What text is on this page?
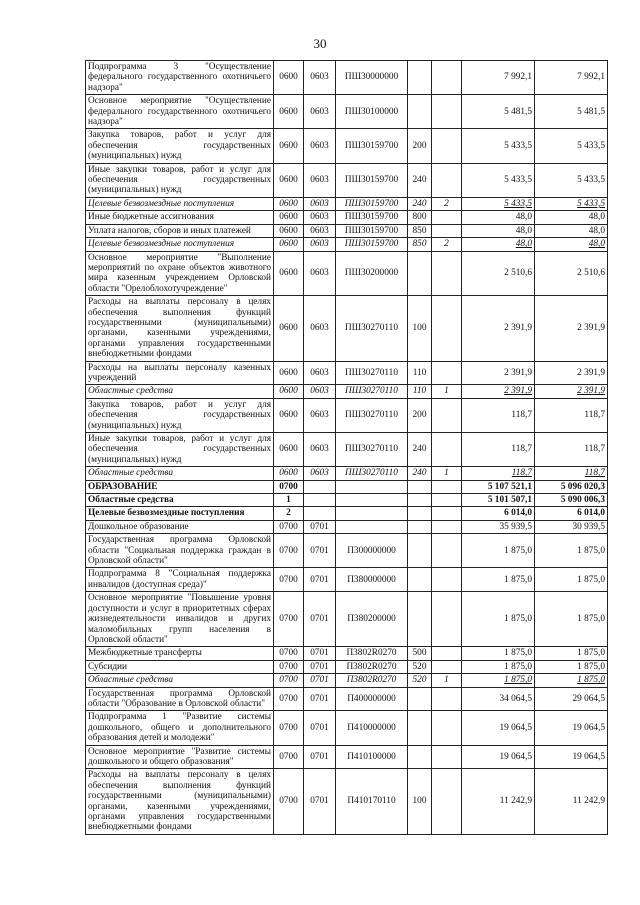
30
Подпрограмма 3 "Осуществление федерального государственного охотничьего надзора"	0600	0603	ПШ30000000			7 992,1	7 992,1
Основное мероприятие "Осуществление федерального государственного охотничьего надзора"	0600	0603	ПШ30100000			5 481,5	5 481,5
Закупка товаров, работ и услуг для обеспечения государственных (муниципальных) нужд	0600	0603	ПШ30159700	200		5 433,5	5 433,5
Иные закупки товаров, работ и услуг для обеспечения государственных (муниципальных) нужд	0600	0603	ПШ30159700	240		5 433,5	5 433,5
Целевые безвозмездные поступления	0600	0603	ПШ30159700	240	2	5 433,5	5 433,5
Иные бюджетные ассигнования	0600	0603	ПШ30159700	800		48,0	48,0
Уплата налогов, сборов и иных платежей	0600	0603	ПШ30159700	850		48,0	48,0
Целевые безвозмездные поступления	0600	0603	ПШ30159700	850	2	48,0	48,0
Основное мероприятие "Выполнение мероприятий по охране объектов животного мира казенным учреждением Орловской области "Орелоблохотучреждение"	0600	0603	ПШ30200000			2 510,6	2 510,6
Расходы на выплаты персоналу в целях обеспечения выполнения функций государственными (муниципальными) органами, казенными учреждениями, органами управления государственными внебюджетными фондами	0600	0603	ПШ30270110	100		2 391,9	2 391,9
Расходы на выплаты персоналу казенных учреждений	0600	0603	ПШ30270110	110		2 391,9	2 391,9
Областные средства	0600	0603	ПШ30270110	110	1	2 391,9	2 391,9
Закупка товаров, работ и услуг для обеспечения государственных (муниципальных) нужд	0600	0603	ПШ30270110	200		118,7	118,7
Иные закупки товаров, работ и услуг для обеспечения государственных (муниципальных) нужд	0600	0603	ПШ30270110	240		118,7	118,7
Областные средства	0600	0603	ПШ30270110	240	1	118,7	118,7
ОБРАЗОВАНИЕ	0700					5 107 521,1	5 096 020,3
Областные средства	1					5 101 507,1	5 090 006,3
Целевые безвозмездные поступления	2					6 014,0	6 014,0
Дошкольное образование	0700	0701				35 939,5	30 939,5
Государственная программа Орловской области "Социальная поддержка граждан в Орловской области"	0700	0701	П300000000			1 875,0	1 875,0
Подпрограмма 8 "Социальная поддержка инвалидов (доступная среда)"	0700	0701	П380000000			1 875,0	1 875,0
Основное мероприятие "Повышение уровня доступности и услуг в приоритетных сферах жизнедеятельности инвалидов и других маломобильных групп населения в Орловской области"	0700	0701	П380200000			1 875,0	1 875,0
Межбюджетные трансферты	0700	0701	П3802R0270	500		1 875,0	1 875,0
Субсидии	0700	0701	П3802R0270	520		1 875,0	1 875,0
Областные средства	0700	0701	П3802R0270	520	1	1 875,0	1 875,0
Государственная программа Орловской области "Образование в Орловской области"	0700	0701	П400000000			34 064,5	29 064,5
Подпрограмма 1 "Развитие системы дошкольного, общего и дополнительного образования детей и молодежи"	0700	0701	П410000000			19 064,5	19 064,5
Основное мероприятие "Развитие системы дошкольного и общего образования"	0700	0701	П410100000			19 064,5	19 064,5
Расходы на выплаты персоналу в целях обеспечения выполнения функций государственными (муниципальными) органами, казенными учреждениями, органами управления государственными внебюджетными фондами	0700	0701	П410170110	100		11 242,9	11 242,9
